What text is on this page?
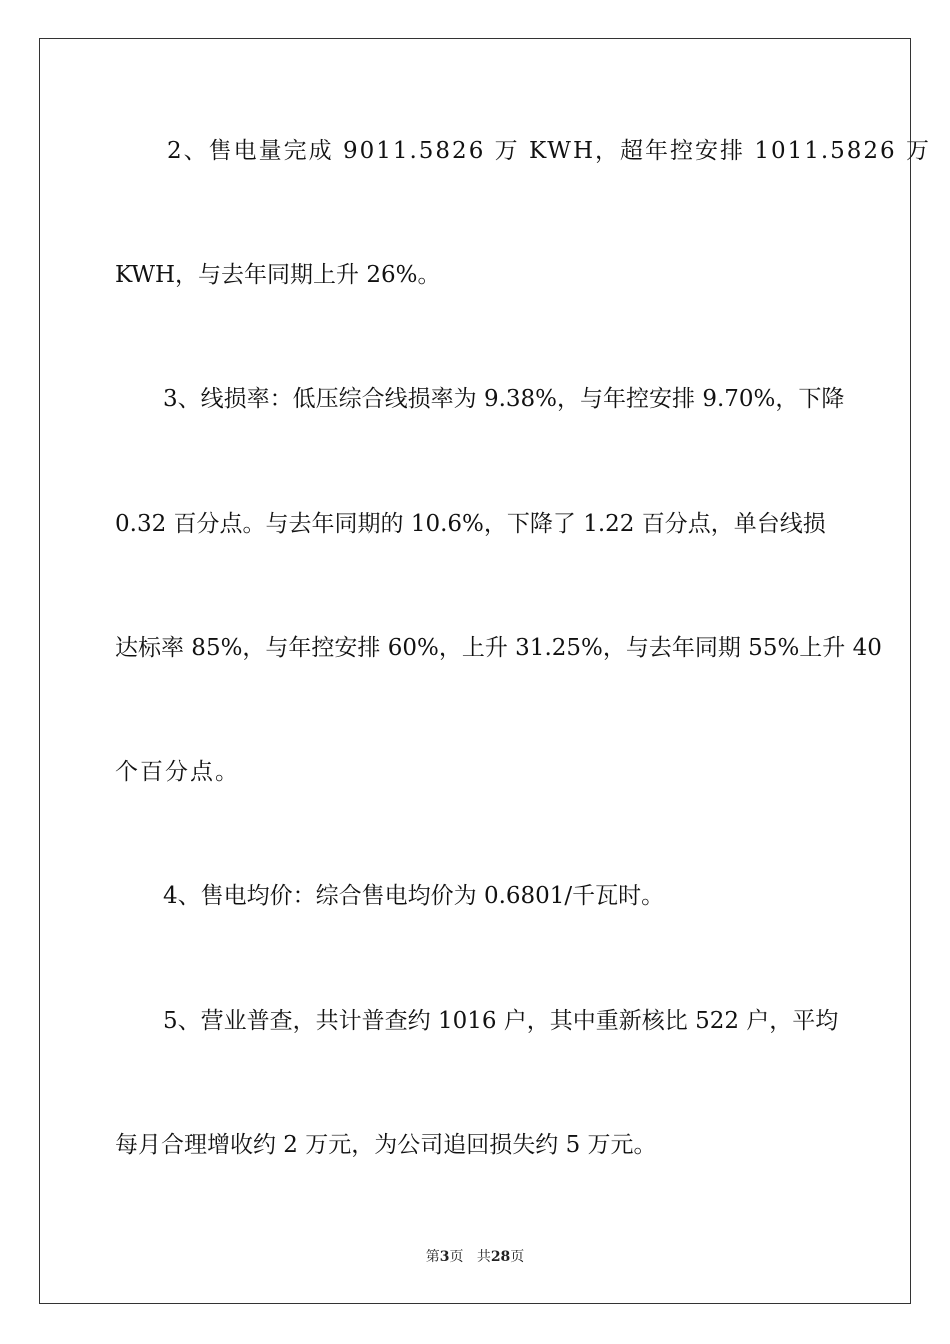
2、售电量完成 9011.5826 万 KWH，超年控安排 1011.5826 万
KWH，与去年同期上升 26%。
3、线损率：低压综合线损率为 9.38%，与年控安排 9.70%，下降
0.32 百分点。与去年同期的 10.6%，下降了 1.22 百分点，单台线损
达标率 85%，与年控安排 60%，上升 31.25%，与去年同期 55%上升 40
个百分点。
4、售电均价：综合售电均价为 0.6801/千瓦时。
5、营业普查，共计普查约 1016 户，其中重新核比 522 户，平均
每月合理增收约 2 万元，为公司追回损失约 5 万元。
第3页 共28页
